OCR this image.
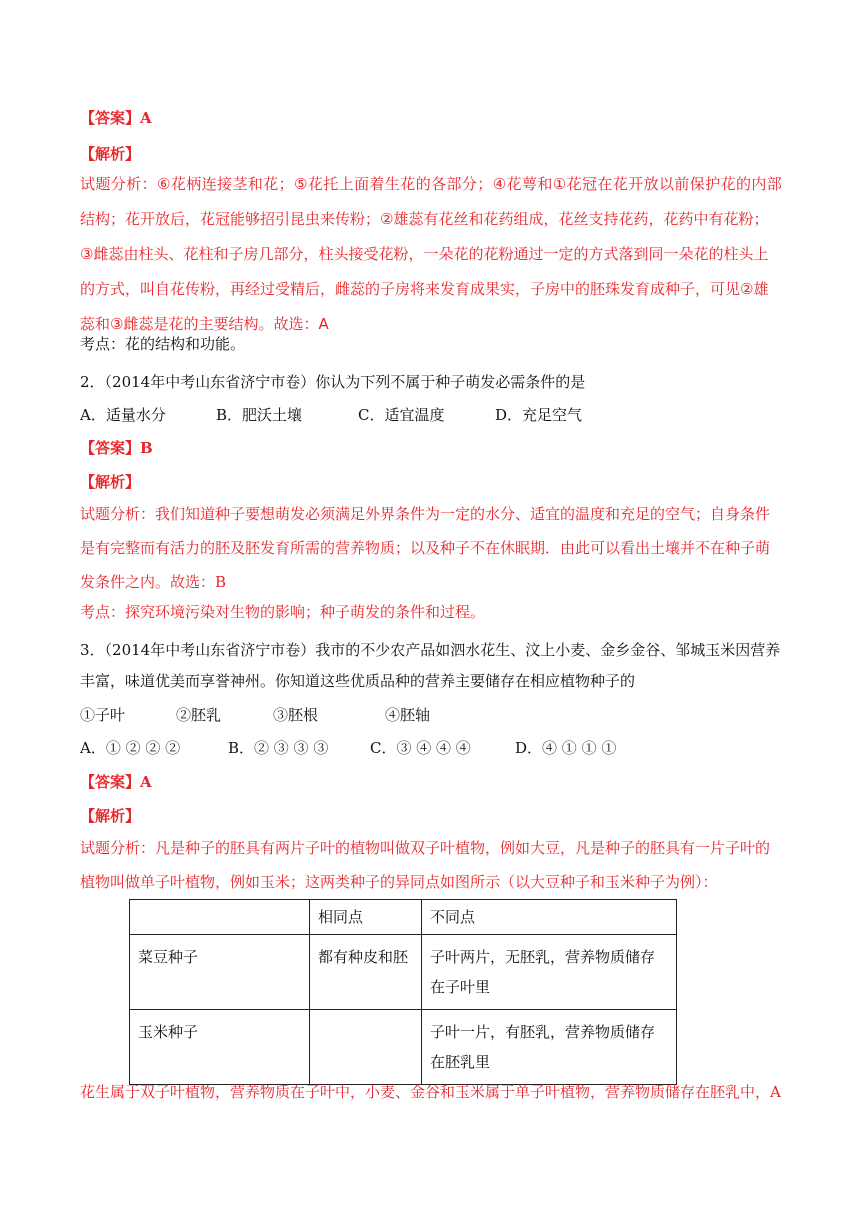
【答案】A
【解析】
试题分析：⑥花柄连接茎和花；⑤花托上面着生花的各部分；④花萼和①花冠在花开放以前保护花的内部
结构；花开放后，花冠能够招引昆虫来传粉；②雄蕊有花丝和花药组成，花丝支持花药，花药中有花粉；
③雌蕊由柱头、花柱和子房几部分，柱头接受花粉，一朵花的花粉通过一定的方式落到同一朵花的柱头上
的方式，叫自花传粉，再经过受精后，雌蕊的子房将来发育成果实，子房中的胚珠发育成种子，可见②雄
蕊和③雌蕊是花的主要结构。故选：A
考点：花的结构和功能。
2．（2014年中考山东省济宁市卷）你认为下列不属于种子萌发必需条件的是
A．适量水分	B．肥沃土壤	C．适宜温度	D．充足空气
【答案】B
【解析】
试题分析：我们知道种子要想萌发必须满足外界条件为一定的水分、适宜的温度和充足的空气；自身条件
是有完整而有活力的胚及胚发育所需的营养物质；以及种子不在休眠期．由此可以看出土壤并不在种子萌
发条件之内。故选：B
考点：探究环境污染对生物的影响；种子萌发的条件和过程。
3．（2014年中考山东省济宁市卷）我市的不少农产品如泗水花生、汶上小麦、金乡金谷、邹城玉米因营养
丰富，味道优美而享誉神州。你知道这些优质品种的营养主要储存在相应植物种子的
①子叶	②胚乳	③胚根	④胚轴
A．① ② ② ②	B．② ③ ③ ③	C．③ ④ ④ ④	D．④ ① ① ①
【答案】A
【解析】
试题分析：凡是种子的胚具有两片子叶的植物叫做双子叶植物，例如大豆，凡是种子的胚具有一片子叶的
植物叫做单子叶植物，例如玉米；这两类种子的异同点如图所示（以大豆种子和玉米种子为例）：
	相同点	不同点
菜豆种子	都有种皮和胚	子叶两片，无胚乳，营养物质储存在子叶里
玉米种子		子叶一片，有胚乳，营养物质储存在胚乳里
花生属于双子叶植物，营养物质在子叶中，小麦、金谷和玉米属于单子叶植物，营养物质储存在胚乳中，A
